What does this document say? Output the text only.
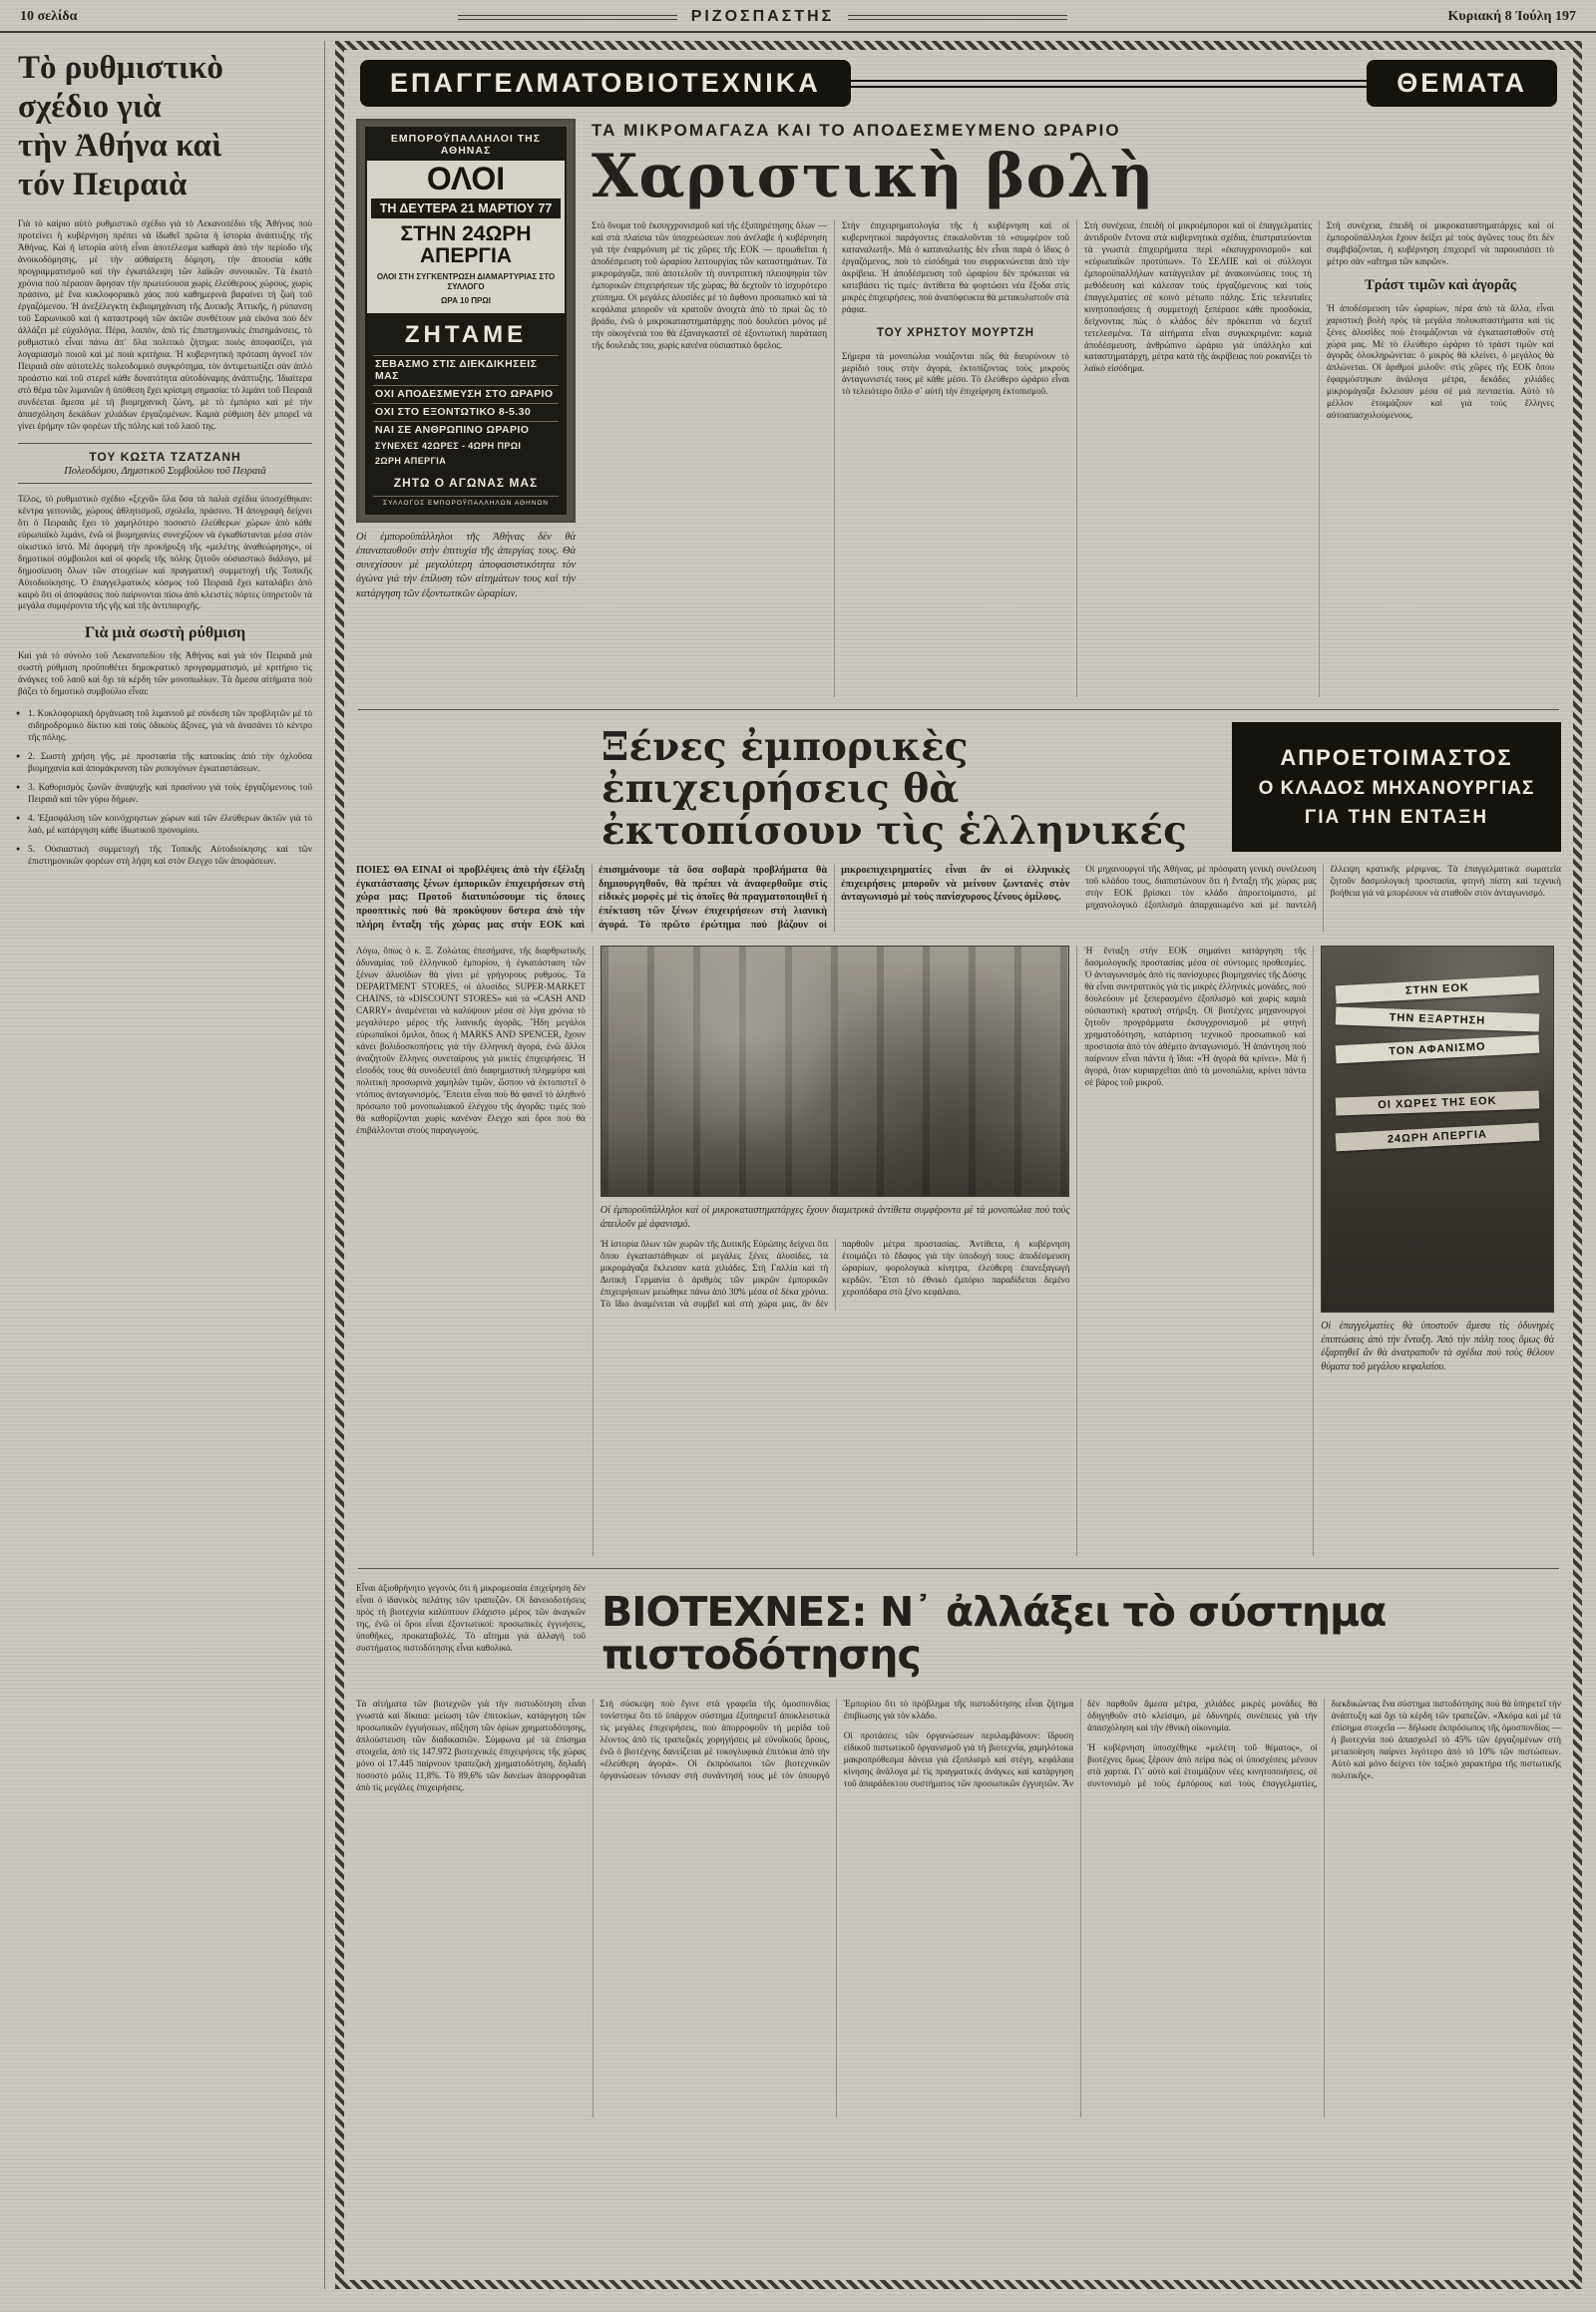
10 σελίδα	ΡΙΖΟΣΠΑΣΤΗΣ	Κυριακή 8 Ἰούλη 197
Τὸ ρυθμιστικὸ
σχέδιο γιὰ
τὴν Ἀθήνα καὶ
τόν Πειραιὰ

Γιὰ τὸ καίριο αὐτὸ ρυθμιστικὸ σχέδιο γιὰ τὸ Λεκανοπέδιο τῆς Ἀθήνας ποὺ προτείνει ἡ κυβέρνηση πρέπει νὰ ἰδωθεῖ πρῶτα ἡ ἱστορία ἀνάπτυξης τῆς Ἀθήνας. Καὶ ἡ ἱστορία αὐτὴ εἶναι ἀποτέλεσμα καθαρὰ ἀπὸ τὴν περίοδο τῆς ἀνοικοδόμησης, μὲ τὴν αὐθαίρετη δόμηση, τὴν ἀπουσία κάθε προγραμματισμοῦ καὶ τὴν ἐγκατάλειψη τῶν λαϊκῶν συνοικιῶν. Τὰ ἑκατὸ χρόνια ποὺ πέρασαν ἄφησαν τὴν πρωτεύουσα χωρὶς ἐλεύθερους χώρους, χωρὶς πράσινο, μὲ ἕνα κυκλοφοριακὸ χάος ποὺ καθημερινὰ βαραίνει τὴ ζωὴ τοῦ ἐργαζόμενου. Ἡ ἀνεξέλεγκτη ἐκβιομηχάνιση τῆς Δυτικῆς Ἀττικῆς, ἡ ρύπανση τοῦ Σαρωνικοῦ καὶ ἡ καταστροφὴ τῶν ἀκτῶν συνθέτουν μιὰ εἰκόνα ποὺ δὲν ἀλλάζει μὲ εὐχολόγια. Πέρα, λοιπόν, ἀπὸ τὶς ἐπιστημονικὲς ἐπισημάνσεις, τὸ ρυθμιστικὸ εἶναι πάνω ἀπ᾿ ὅλα πολιτικὸ ζήτημα: ποιὸς ἀποφασίζει, γιὰ λογαριασμὸ ποιοῦ καὶ μὲ ποιὰ κριτήρια. Ἡ κυβερνητικὴ πρόταση ἀγνοεῖ τὸν Πειραιᾶ σὰν αὐτοτελὲς πολεοδομικὸ συγκρότημα, τὸν ἀντιμετωπίζει σὰν ἁπλὸ προάστιο καὶ τοῦ στερεῖ κάθε δυνατότητα αὐτοδύναμης ἀνάπτυξης. Ἰδιαίτερα στὸ θέμα τῶν λιμανιῶν ἡ ὑπόθεση ἔχει κρίσιμη σημασία: τὸ λιμάνι τοῦ Πειραιᾶ συνδέεται ἄμεσα μὲ τὴ βιομηχανικὴ ζώνη, μὲ τὸ ἐμπόριο καὶ μὲ τὴν ἀπασχόληση δεκάδων χιλιάδων ἐργαζομένων. Καμιὰ ρύθμιση δὲν μπορεῖ νὰ γίνει ἐρήμην τῶν φορέων τῆς πόλης καὶ τοῦ λαοῦ της.

ΤΟΥ ΚΩΣΤΑ ΤΖΑΤΖΑΝΗ
Πολεοδόμου, Δημοτικοῦ Συμβούλου τοῦ Πειραιᾶ

Τέλος, τὸ ρυθμιστικὸ σχέδιο «ξεχνᾶ» ὅλα ὅσα τὰ παλιὰ σχέδια ὑποσχέθηκαν: κέντρα γειτονιᾶς, χώρους ἀθλητισμοῦ, σχολεῖα, πράσινο. Ἡ ἀπογραφὴ δείχνει ὅτι ὁ Πειραιᾶς ἔχει τὸ χαμηλότερο ποσοστὸ ἐλεύθερων χώρων ἀπὸ κάθε εὐρωπαϊκὸ λιμάνι, ἐνῶ οἱ βιομηχανίες συνεχίζουν νὰ ἐγκαθίστανται μέσα στὸν οἰκιστικὸ ἱστό. Μὲ ἀφορμὴ τὴν προκήρυξη τῆς «μελέτης ἀναθεώρησης», οἱ δημοτικοὶ σύμβουλοι καὶ οἱ φορεῖς τῆς πόλης ζητοῦν οὐσιαστικὸ διάλογο, μὲ δημοσίευση ὅλων τῶν στοιχείων καὶ πραγματικὴ συμμετοχὴ τῆς Τοπικῆς Αὐτοδιοίκησης. Ὁ ἐπαγγελματικὸς κόσμος τοῦ Πειραιᾶ ἔχει καταλάβει ἀπὸ καιρὸ ὅτι οἱ ἀποφάσεις ποὺ παίρνονται πίσω ἀπὸ κλειστὲς πόρτες ὑπηρετοῦν τὰ μεγάλα συμφέροντα τῆς γῆς καὶ τῆς ἀντιπαροχῆς.

Γιὰ μιὰ σωστὴ ρύθμιση

Καὶ γιὰ τὸ σύνολο τοῦ Λεκανοπεδίου τῆς Ἀθήνας καὶ γιὰ τὸν Πειραιᾶ μιὰ σωστὴ ρύθμιση προϋποθέτει δημοκρατικὸ προγραμματισμό, μὲ κριτήριο τὶς ἀνάγκες τοῦ λαοῦ καὶ ὄχι τὰ κέρδη τῶν μονοπωλίων. Τὰ ἄμεσα αἰτήματα ποὺ βάζει τὸ δημοτικὸ συμβούλιο εἶναι:

● 1. Κυκλοφοριακὴ ὀργάνωση τοῦ λιμανιοῦ μὲ σύνδεση τῶν προβλητῶν μὲ τὸ σιδηροδρομικὸ δίκτυο καὶ τοὺς ὁδικοὺς ἄξονες, γιὰ νὰ ἀνασάνει τὸ κέντρο τῆς πόλης.
● 2. Σωστὴ χρήση γῆς, μὲ προστασία τῆς κατοικίας ἀπὸ τὴν ὀχλοῦσα βιομηχανία καὶ ἀπομάκρυνση τῶν ρυπογόνων ἐγκαταστάσεων.
● 3. Καθορισμὸς ζωνῶν ἀναψυχῆς καὶ πρασίνου γιὰ τοὺς ἐργαζόμενους τοῦ Πειραιᾶ καὶ τῶν γύρω δήμων.
● 4. Ἐξασφάλιση τῶν κοινόχρηστων χώρων καὶ τῶν ἐλεύθερων ἀκτῶν γιὰ τὸ λαό, μὲ κατάργηση κάθε ἰδιωτικοῦ προνομίου.
● 5. Οὐσιαστικὴ συμμετοχὴ τῆς Τοπικῆς Αὐτοδιοίκησης καὶ τῶν ἐπιστημονικῶν φορέων στὴ λήψη καὶ στὸν ἔλεγχο τῶν ἀποφάσεων.
ΕΠΑΓΓΕΛΜΑΤΟΒΙΟΤΕΧΝΙΚΑ	ΘΕΜΑΤΑ
ΕΜΠΟΡΟΫΠΑΛΛΗΛΟΙ ΤΗΣ ΑΘΗΝΑΣ
ΟΛΟΙ
ΤΗ ΔΕΥΤΕΡΑ 21 ΜΑΡΤΙΟΥ 77
ΣΤΗΝ 24ΩΡΗ ΑΠΕΡΓΙΑ
ΟΛΟΙ ΣΤΗ ΣΥΓΚΕΝΤΡΩΣΗ ΔΙΑΜΑΡΤΥΡΙΑΣ ΣΤΟ ΣΥΛΛΟΓΟ
ΩΡΑ 10 ΠΡΩΙ
ΖΗΤΑΜΕ
ΣΕΒΑΣΜΟ ΣΤΙΣ ΔΙΕΚΔΙΚΗΣΕΙΣ ΜΑΣ
ΟΧΙ ΑΠΟΔΕΣΜΕΥΣΗ ΣΤΟ ΩΡΑΡΙΟ
ΟΧΙ ΣΤΟ ΕΞΟΝΤΩΤΙΚΟ 8-5.30
ΝΑΙ ΣΕ ΑΝΘΡΩΠΙΝΟ ΩΡΑΡΙΟ
ΣΥΝΕΧΕΣ 42ΩΡΕΣ - 4ΩΡΗ ΠΡΩΙ
2ΩΡΗ ΑΠΕΡΓΙΑ
ΖΗΤΩ Ο ΑΓΩΝΑΣ ΜΑΣ
ΣΥΛΛΟΓΟΣ ΕΜΠΟΡΟΫΠΑΛΛΗΛΩΝ ΑΘΗΝΩΝ

Οἱ ἐμποροϋπάλληλοι τῆς Ἀθήνας δὲν θὰ ἐπαναπαυθοῦν στὴν ἐπιτυχία τῆς ἀπεργίας τους. Θὰ συνεχίσουν μὲ μεγαλύτερη ἀποφασιστικότητα τὸν ἀγώνα γιὰ τὴν ἐπίλυση τῶν αἰτημάτων τους καὶ τὴν κατάργηση τῶν ἐξοντωτικῶν ὡραρίων.

ΤΑ ΜΙΚΡΟΜΑΓΑΖΑ ΚΑΙ ΤΟ ΑΠΟΔΕΣΜΕΥΜΕΝΟ ΩΡΑΡΙΟ
Χαριστικὴ βολὴ

Στὸ ὄνομα τοῦ ἐκσυγχρονισμοῦ καὶ τῆς ἐξυπηρέτησης ὅλων — καὶ στὰ πλαίσια τῶν ὑποχρεώσεων ποὺ ἀνέλαβε ἡ κυβέρνηση γιὰ τὴν ἐναρμόνιση μὲ τὶς χῶρες τῆς ΕΟΚ — προωθεῖται ἡ ἀποδέσμευση τοῦ ὡραρίου λειτουργίας τῶν καταστημάτων. Τὰ μικρομάγαζα, ποὺ ἀποτελοῦν τὴ συντριπτικὴ πλειοψηφία τῶν ἐμπορικῶν ἐπιχειρήσεων τῆς χώρας, θὰ δεχτοῦν τὸ ἰσχυρότερο χτύπημα. Οἱ μεγάλες ἁλυσίδες μὲ τὸ ἄφθονο προσωπικὸ καὶ τὰ κεφάλαια μποροῦν νὰ κρατοῦν ἀνοιχτὰ ἀπὸ τὸ πρωὶ ὣς τὸ βράδυ, ἐνῶ ὁ μικροκαταστηματάρχης ποὺ δουλεύει μόνος μὲ τὴν οἰκογένειά του θὰ ἐξαναγκαστεῖ σὲ ἐξοντωτικὴ παράταση τῆς δουλειᾶς του, χωρὶς κανένα οὐσιαστικὸ ὄφελος.

Στὴν ἐπιχειρηματολογία τῆς ἡ κυβέρνηση καὶ οἱ κυβερνητικοὶ παράγοντες ἐπικαλοῦνται τὸ «συμφέρον τοῦ καταναλωτῆ». Μὰ ὁ καταναλωτὴς δὲν εἶναι παρὰ ὁ ἴδιος ὁ ἐργαζόμενος, ποὺ τὸ εἰσόδημά του συρρικνώνεται ἀπὸ τὴν ἀκρίβεια. Ἡ ἀποδέσμευση τοῦ ὡραρίου δὲν πρόκειται νὰ κατεβάσει τὶς τιμές· ἀντίθετα θὰ φορτώσει νέα ἔξοδα στὶς μικρὲς ἐπιχειρήσεις, ποὺ ἀναπόφευκτα θὰ μετακυλιστοῦν στὰ ράφια.

ΤΟΥ ΧΡΗΣΤΟΥ ΜΟΥΡΤΖΗ

Σήμερα τὰ μονοπώλια νοιάζονται πῶς θὰ διευρύνουν τὸ μερίδιό τους στὴν ἀγορά, ἐκτοπίζοντας τοὺς μικροὺς ἀνταγωνιστές τους μὲ κάθε μέσο. Τὸ ἐλεύθερο ὡράριο εἶναι τὸ τελειότερο ὅπλο σ᾿ αὐτὴ τὴν ἐπιχείρηση ἐκτοπισμοῦ.

Στὴ συνέχεια, ἐπειδὴ οἱ μικροέμποροι καὶ οἱ ἐπαγγελματίες ἀντιδροῦν ἔντονα στὰ κυβερνητικὰ σχέδια, ἐπιστρατεύονται τὰ γνωστὰ ἐπιχειρήματα περὶ «ἐκσυγχρονισμοῦ» καὶ «εὐρωπαϊκῶν προτύπων». Τὸ ΣΕΛΠΕ καὶ οἱ σύλλογοι ἐμποροϋπαλλήλων κατάγγειλαν μὲ ἀνακοινώσεις τους τὴ μεθόδευση καὶ κάλεσαν τοὺς ἐργαζόμενους καὶ τοὺς ἐπαγγελματίες σὲ κοινὸ μέτωπο πάλης. Στὶς τελευταῖες κινητοποιήσεις ἡ συμμετοχὴ ξεπέρασε κάθε προσδοκία, δείχνοντας πὼς ὁ κλάδος δὲν πρόκειται νὰ δεχτεῖ τετελεσμένα. Τὰ αἰτήματα εἶναι συγκεκριμένα: καμιὰ ἀποδέσμευση, ἀνθρώπινο ὡράριο γιὰ ὑπάλληλο καὶ καταστηματάρχη, μέτρα κατὰ τῆς ἀκρίβειας ποὺ ροκανίζει τὸ λαϊκὸ εἰσόδημα.

Στὴ συνέχεια, ἐπειδὴ οἱ μικροκαταστηματάρχες καὶ οἱ ἐμποροϋπάλληλοι ἔχουν δείξει μὲ τοὺς ἀγῶνες τους ὅτι δὲν συμβιβάζονται, ἡ κυβέρνηση ἐπιχειρεῖ νὰ παρουσιάσει τὸ μέτρο σὰν «αἴτημα τῶν καιρῶν».

Τράστ τιμῶν καὶ ἀγορᾶς

Ἡ ἀποδέσμευση τῶν ὡραρίων, πέρα ἀπὸ τὰ ἄλλα, εἶναι χαριστικὴ βολὴ πρὸς τὰ μεγάλα πολυκαταστήματα καὶ τὶς ξένες ἁλυσίδες ποὺ ἑτοιμάζονται νὰ ἐγκατασταθοῦν στὴ χώρα μας. Μὲ τὸ ἐλεύθερο ὡράριο τὸ τρὰστ τιμῶν καὶ ἀγορᾶς ὁλοκληρώνεται: ὁ μικρὸς θὰ κλείνει, ὁ μεγάλος θὰ ἁπλώνεται. Οἱ ἀριθμοὶ μιλοῦν: στὶς χῶρες τῆς ΕΟΚ ὅπου ἐφαρμόστηκαν ἀνάλογα μέτρα, δεκάδες χιλιάδες μικρομάγαζα ἔκλεισαν μέσα σὲ μιὰ πενταετία. Αὐτὸ τὸ μέλλον ἑτοιμάζουν καὶ γιὰ τοὺς ἕλληνες αὐτοαπασχολούμενους.

Ξένες ἐμπορικὲς ἐπιχειρήσεις θὰ ἐκτοπίσουν τὶς ἑλληνικές
ΑΠΡΟΕΤΟΙΜΑΣΤΟΣ
Ο ΚΛΑΔΟΣ ΜΗΧΑΝΟΥΡΓΙΑΣ
ΓΙΑ ΤΗΝ ΕΝΤΑΞΗ
ΠΟΙΕΣ ΘΑ ΕΙΝΑΙ οἱ προβλέψεις ἀπὸ τὴν ἐξέλιξη ἐγκατάστασης ξένων ἐμπορικῶν ἐπιχειρήσεων στὴ χώρα μας; Προτοῦ διατυπώσουμε τὶς ὅποιες προοπτικὲς ποὺ θὰ προκύψουν ὕστερα ἀπὸ τὴν πλήρη ἔνταξη τῆς χώρας μας στὴν ΕΟΚ καὶ ἐπισημάνουμε τὰ ὅσα σοβαρὰ προβλήματα θὰ δημιουργηθοῦν, θὰ πρέπει νὰ ἀναφερθοῦμε στὶς εἰδικὲς μορφὲς μὲ τὶς ὁποῖες θὰ πραγματοποιηθεῖ ἡ ἐπέκταση τῶν ξένων ἐπιχειρήσεων στὴ λιανικὴ ἀγορά. Τὸ πρῶτο ἐρώτημα ποὺ βάζουν οἱ μικροεπιχειρηματίες εἶναι ἂν οἱ ἑλληνικὲς ἐπιχειρήσεις μποροῦν νὰ μείνουν ζωντανὲς στὸν ἀνταγωνισμὸ μὲ τοὺς πανίσχυρους ξένους ὁμίλους.
Οἱ μηχανουργοὶ τῆς Ἀθήνας, μὲ πρόσφατη γενικὴ συνέλευση τοῦ κλάδου τους, διαπιστώνουν ὅτι ἡ ἔνταξη τῆς χώρας μας στὴν ΕΟΚ βρίσκει τὸν κλάδο ἀπροετοίμαστο, μὲ μηχανολογικὸ ἐξοπλισμὸ ἀπαρχαιωμένο καὶ μὲ παντελῆ ἔλλειψη κρατικῆς μέριμνας. Τὰ ἐπαγγελματικὰ σωματεῖα ζητοῦν δασμολογικὴ προστασία, φτηνὴ πίστη καὶ τεχνικὴ βοήθεια γιὰ νὰ μπορέσουν νὰ σταθοῦν στὸν ἀνταγωνισμό.

Λόγω, ὅπως ὁ κ. Ξ. Ζολώτας ἐπεσήμανε, τῆς διαρθρωτικῆς ἀδυναμίας τοῦ ἑλληνικοῦ ἐμπορίου, ἡ ἐγκατάσταση τῶν ξένων ἁλυσίδων θὰ γίνει μὲ γρήγορους ρυθμούς. Τὰ DEPARTMENT STORES, οἱ ἁλυσίδες SUPER-MARKET CHAINS, τὰ «DISCOUNT STORES» καὶ τὰ «CASH AND CARRY» ἀναμένεται νὰ καλύψουν μέσα σὲ λίγα χρόνια τὸ μεγαλύτερο μέρος τῆς λιανικῆς ἀγορᾶς. Ἤδη μεγάλοι εὐρωπαϊκοὶ ὅμιλοι, ὅπως ἡ MARKS AND SPENCER, ἔχουν κάνει βολιδοσκοπήσεις γιὰ τὴν ἑλληνικὴ ἀγορά, ἐνῶ ἄλλοι ἀναζητοῦν ἕλληνες συνεταίρους γιὰ μικτὲς ἐπιχειρήσεις. Ἡ εἴσοδός τους θὰ συνοδευτεῖ ἀπὸ διαφημιστικὴ πλημμύρα καὶ πολιτικὴ προσωρινὰ χαμηλῶν τιμῶν, ὥσπου νὰ ἐκτοπιστεῖ ὁ ντόπιος ἀνταγωνισμός. Ἔπειτα εἶναι ποὺ θὰ φανεῖ τὸ ἀληθινὸ πρόσωπο τοῦ μονοπωλιακοῦ ἐλέγχου τῆς ἀγορᾶς: τιμὲς ποὺ θὰ καθορίζονται χωρὶς κανέναν ἔλεγχο καὶ ὅροι ποὺ θὰ ἐπιβάλλονται στοὺς παραγωγούς.

Οἱ ἐμποροϋπάλληλοι καὶ οἱ μικροκαταστηματάρχες ἔχουν διαμετρικὰ ἀντίθετα συμφέροντα μὲ τὰ μονοπώλια ποὺ τοὺς ἀπειλοῦν μὲ ἀφανισμό.

Ἡ ἱστορία ὅλων τῶν χωρῶν τῆς Δυτικῆς Εὐρώπης δείχνει ὅτι ὅπου ἐγκαταστάθηκαν οἱ μεγάλες ξένες ἁλυσίδες, τὰ μικρομάγαζα ἔκλεισαν κατὰ χιλιάδες. Στὴ Γαλλία καὶ τὴ Δυτικὴ Γερμανία ὁ ἀριθμὸς τῶν μικρῶν ἐμπορικῶν ἐπιχειρήσεων μειώθηκε πάνω ἀπὸ 30% μέσα σὲ δέκα χρόνια. Τὸ ἴδιο ἀναμένεται νὰ συμβεῖ καὶ στὴ χώρα μας, ἂν δὲν παρθοῦν μέτρα προστασίας. Ἀντίθετα, ἡ κυβέρνηση ἑτοιμάζει τὸ ἔδαφος γιὰ τὴν ὑποδοχή τους: ἀποδέσμευση ὡραρίων, φορολογικὰ κίνητρα, ἐλεύθερη ἐπανεξαγωγὴ κερδῶν. Ἔτσι τὸ ἐθνικὸ ἐμπόριο παραδίδεται δεμένο χεροπόδαρα στὸ ξένο κεφάλαιο.

Ἡ ἔνταξη στὴν ΕΟΚ σημαίνει κατάργηση τῆς δασμολογικῆς προστασίας μέσα σὲ σύντομες προθεσμίες. Ὁ ἀνταγωνισμὸς ἀπὸ τὶς πανίσχυρες βιομηχανίες τῆς Δύσης θὰ εἶναι συντριπτικὸς γιὰ τὶς μικρὲς ἑλληνικὲς μονάδες, ποὺ δουλεύουν μὲ ξεπερασμένο ἐξοπλισμὸ καὶ χωρὶς καμιὰ οὐσιαστικὴ κρατικὴ στήριξη. Οἱ βιοτέχνες μηχανουργοὶ ζητοῦν προγράμματα ἐκσυγχρονισμοῦ μὲ φτηνὴ χρηματοδότηση, κατάρτιση τεχνικοῦ προσωπικοῦ καὶ προστασία ἀπὸ τὸν ἀθέμιτο ἀνταγωνισμό. Ἡ ἀπάντηση ποὺ παίρνουν εἶναι πάντα ἡ ἴδια: «Ἡ ἀγορὰ θὰ κρίνει». Μὰ ἡ ἀγορά, ὅταν κυριαρχεῖται ἀπὸ τὰ μονοπώλια, κρίνει πάντα σὲ βάρος τοῦ μικροῦ.

ΣΤΗΝ ΕΟΚ
ΤΗΝ ΕΞΑΡΤΗΣΗ
ΤΟΝ ΑΦΑΝΙΣΜΟ
ΟΙ ΧΩΡΕΣ ΤΗΣ ΕΟΚ
24ΩΡΗ ΑΠΕΡΓΙΑ

Οἱ ἐπαγγελματίες θὰ ὑποστοῦν ἄμεσα τὶς ὀδυνηρὲς ἐπιπτώσεις ἀπὸ τὴν ἔνταξη. Ἀπὸ τὴν πάλη τους ὅμως θὰ ἐξαρτηθεῖ ἂν θὰ ἀνατραποῦν τὰ σχέδια ποὺ τοὺς θέλουν θύματα τοῦ μεγάλου κεφαλαίου.

Εἶναι ἀξιοθρήνητο γεγονὸς ὅτι ἡ μικρομεσαία ἐπιχείρηση δὲν εἶναι ὁ ἰδανικὸς πελάτης τῶν τραπεζῶν. Οἱ δανειοδοτήσεις πρὸς τὴ βιοτεχνία καλύπτουν ἐλάχιστο μέρος τῶν ἀναγκῶν της, ἐνῶ οἱ ὅροι εἶναι ἐξοντωτικοί: προσωπικὲς ἐγγυήσεις, ὑποθῆκες, προκαταβολές. Τὸ αἴτημα γιὰ ἀλλαγὴ τοῦ συστήματος πιστοδότησης εἶναι καθολικό.
ΒΙΟΤΕΧΝΕΣ: Ν᾿ ἀλλάξει τὸ σύστημα πιστοδότησης

Τὰ αἰτήματα τῶν βιοτεχνῶν γιὰ τὴν πιστοδότηση εἶναι γνωστὰ καὶ δίκαια: μείωση τῶν ἐπιτοκίων, κατάργηση τῶν προσωπικῶν ἐγγυήσεων, αὔξηση τῶν ὁρίων χρηματοδότησης, ἁπλούστευση τῶν διαδικασιῶν. Σύμφωνα μὲ τὰ ἐπίσημα στοιχεῖα, ἀπὸ τὶς 147.972 βιοτεχνικὲς ἐπιχειρήσεις τῆς χώρας μόνο οἱ 17.445 παίρνουν τραπεζικὴ χρηματοδότηση, δηλαδὴ ποσοστὸ μόλις 11,8%. Τὸ 89,6% τῶν δανείων ἀπορροφᾶται ἀπὸ τὶς μεγάλες ἐπιχειρήσεις.

Στὴ σύσκεψη ποὺ ἔγινε στὰ γραφεῖα τῆς ὁμοσπονδίας τονίστηκε ὅτι τὸ ὑπάρχον σύστημα ἐξυπηρετεῖ ἀποκλειστικὰ τὶς μεγάλες ἐπιχειρήσεις, ποὺ ἀπορροφοῦν τὴ μερίδα τοῦ λέοντος ἀπὸ τὶς τραπεζικὲς χορηγήσεις μὲ εὐνοϊκοὺς ὅρους, ἐνῶ ὁ βιοτέχνης δανείζεται μὲ τοκογλυφικὰ ἐπιτόκια ἀπὸ τὴν «ἐλεύθερη ἀγορά». Οἱ ἐκπρόσωποι τῶν βιοτεχνικῶν ὀργανώσεων τόνισαν στὴ συνάντησή τους μὲ τὸν ὑπουργὸ Ἐμπορίου ὅτι τὸ πρόβλημα τῆς πιστοδότησης εἶναι ζήτημα ἐπιβίωσης γιὰ τὸν κλάδο.

Οἱ προτάσεις τῶν ὀργανώσεων περιλαμβάνουν: ἵδρυση εἰδικοῦ πιστωτικοῦ ὀργανισμοῦ γιὰ τὴ βιοτεχνία, χαμηλότοκα μακροπρόθεσμα δάνεια γιὰ ἐξοπλισμὸ καὶ στέγη, κεφάλαια κίνησης ἀνάλογα μὲ τὶς πραγματικὲς ἀνάγκες καὶ κατάργηση τοῦ ἀπαράδεκτου συστήματος τῶν προσωπικῶν ἐγγυητῶν. Ἂν δὲν παρθοῦν ἄμεσα μέτρα, χιλιάδες μικρὲς μονάδες θὰ ὁδηγηθοῦν στὸ κλείσιμο, μὲ ὀδυνηρὲς συνέπειες γιὰ τὴν ἀπασχόληση καὶ τὴν ἐθνικὴ οἰκονομία.

Ἡ κυβέρνηση ὑποσχέθηκε «μελέτη τοῦ θέματος», οἱ βιοτέχνες ὅμως ξέρουν ἀπὸ πείρα πὼς οἱ ὑποσχέσεις μένουν στὰ χαρτιά. Γι᾿ αὐτὸ καὶ ἑτοιμάζουν νέες κινητοποιήσεις, σὲ συντονισμὸ μὲ τοὺς ἐμπόρους καὶ τοὺς ἐπαγγελματίες, διεκδικώντας ἕνα σύστημα πιστοδότησης ποὺ θὰ ὑπηρετεῖ τὴν ἀνάπτυξη καὶ ὄχι τὰ κέρδη τῶν τραπεζῶν. «Ἀκόμα καὶ μὲ τὰ ἐπίσημα στοιχεῖα — δήλωσε ἐκπρόσωπος τῆς ὁμοσπονδίας — ἡ βιοτεχνία ποὺ ἀπασχολεῖ τὸ 45% τῶν ἐργαζομένων στὴ μεταποίηση παίρνει λιγότερο ἀπὸ τὸ 10% τῶν πιστώσεων. Αὐτὸ καὶ μόνο δείχνει τὸν ταξικὸ χαρακτήρα τῆς πιστωτικῆς πολιτικῆς».
